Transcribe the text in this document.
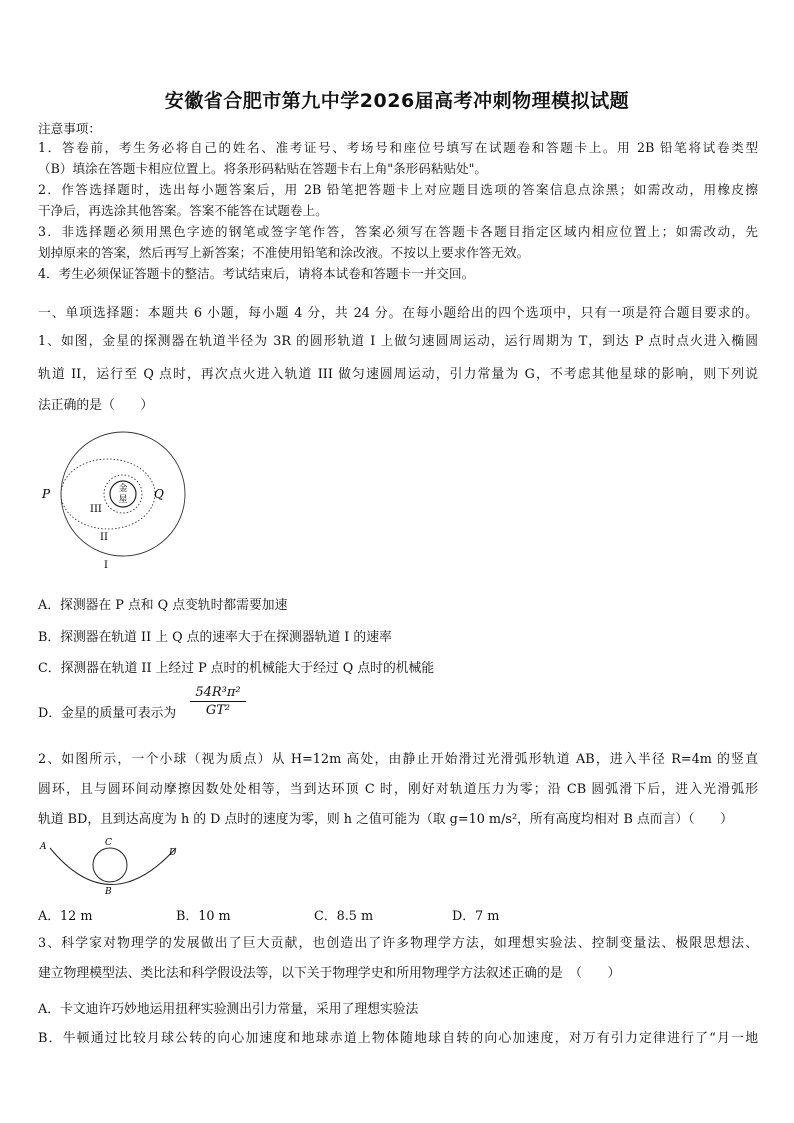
安徽省合肥市第九中学2026届高考冲刺物理模拟试题
注意事项：
1．答卷前，考生务必将自己的姓名、准考证号、考场号和座位号填写在试题卷和答题卡上。用 2B 铅笔将试卷类型
（B）填涂在答题卡相应位置上。将条形码粘贴在答题卡右上角"条形码粘贴处"。
2．作答选择题时，选出每小题答案后，用 2B 铅笔把答题卡上对应题目选项的答案信息点涂黑；如需改动，用橡皮擦
干净后，再选涂其他答案。答案不能答在试题卷上。
3．非选择题必须用黑色字迹的钢笔或签字笔作答，答案必须写在答题卡各题目指定区域内相应位置上；如需改动，先
划掉原来的答案，然后再写上新答案；不准使用铅笔和涂改液。不按以上要求作答无效。
4．考生必须保证答题卡的整洁。考试结束后，请将本试卷和答题卡一并交回。
一、单项选择题：本题共 6 小题，每小题 4 分，共 24 分。在每小题给出的四个选项中，只有一项是符合题目要求的。
1、如图，金星的探测器在轨道半径为 3R 的圆形轨道 I 上做匀速圆周运动，运行周期为 T，到达 P 点时点火进入椭圆
轨道 II，运行至 Q 点时，再次点火进入轨道 III 做匀速圆周运动，引力常量为 G，不考虑其他星球的影响，则下列说
法正确的是（　　）
金
星
P	Q
III
II
I
A．探测器在 P 点和 Q 点变轨时都需要加速
B．探测器在轨道 II 上 Q 点的速率大于在探测器轨道 I 的速率
C．探测器在轨道 II 上经过 P 点时的机械能大于经过 Q 点时的机械能
D．金星的质量可表示为 $\frac{\text{54R³π²}}{\text{GT²}}$
2、如图所示，一个小球（视为质点）从 H=12m 高处，由静止开始滑过光滑弧形轨道 AB，进入半径 R=4m 的竖直
圆环，且与圆环间动摩擦因数处处相等，当到达环顶 C 时，刚好对轨道压力为零；沿 CB 圆弧滑下后，进入光滑弧形
轨道 BD，且到达高度为 h 的 D 点时的速度为零，则 h 之值可能为（取 g=10 m/s²，所有高度均相对 B 点而言）（　　）
A	C
D
B
A．12 m	B．10 m	C．8.5 m	D．7 m
3、科学家对物理学的发展做出了巨大贡献，也创造出了许多物理学方法，如理想实验法、控制变量法、极限思想法、
建立物理模型法、类比法和科学假设法等，以下关于物理学史和所用物理学方法叙述正确的是　（　　）
A．卡文迪许巧妙地运用扭秤实验测出引力常量，采用了理想实验法
B．牛顿通过比较月球公转的向心加速度和地球赤道上物体随地球自转的向心加速度，对万有引力定律进行了“月一地
